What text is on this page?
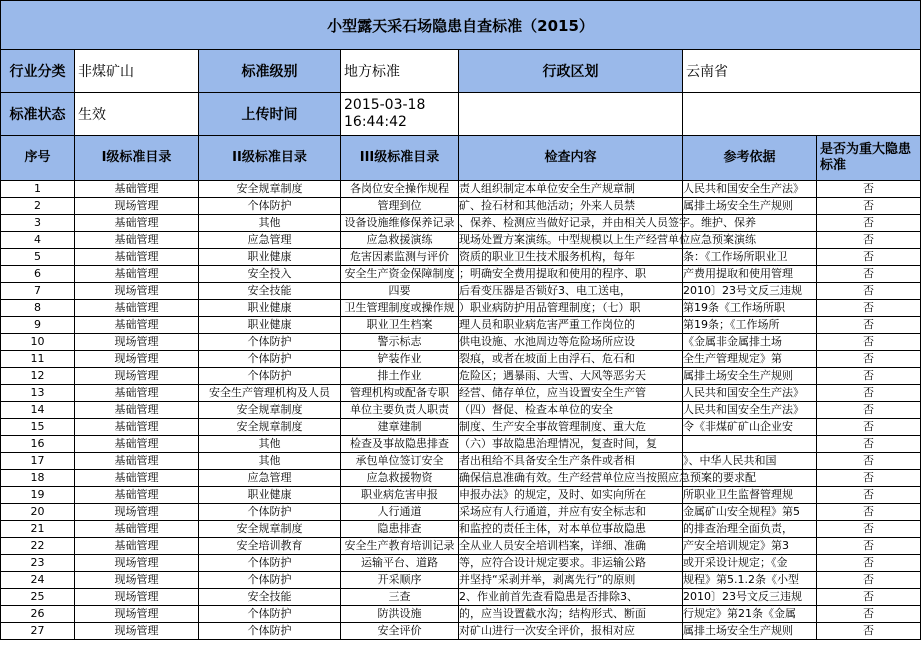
小型露天采石场隐患自查标准（2015）						
行业分类	非煤矿山	标准级别	地方标准	行政区划	云南省	
标准状态	生效	上传时间	2015-03-18 16:44:42			
序号	I级标准目录	II级标准目录	III级标准目录	检查内容	参考依据	是否为重大隐患标准
1	基础管理	安全规章制度	各岗位安全操作规程	责人组织制定本单位安全生产规章制	人民共和国安全生产法》	否
2	现场管理	个体防护	管理到位	矿、捡石材和其他活动；外来人员禁	属排土场安全生产规则	否
3	基础管理	其他	设备设施维修保养记录	、保养、检测应当做好记录，并由相关人员签字。维护、保养		否
4	基础管理	应急管理	应急救援演练	现场处置方案演练。中型规模以上生产经营单位应急预案演练		否
5	基础管理	职业健康	危害因素监测与评价	资质的职业卫生技术服务机构，每年	条：《工作场所职业卫	否
6	基础管理	安全投入	安全生产资金保障制度	；明确安全费用提取和使用的程序、职	产费用提取和使用管理	否
7	现场管理	安全技能	四要	后看变压器是否锁好3、电工送电，	2010〕23号文反三违规	否
8	基础管理	职业健康	卫生管理制度或操作规	）职业病防护用品管理制度；（七）职	第19条《工作场所职	否
9	基础管理	职业健康	职业卫生档案	理人员和职业病危害严重工作岗位的	第19条；《工作场所	否
10	现场管理	个体防护	警示标志	供电设施、水池周边等危险场所应设	《金属非金属排土场	否
11	现场管理	个体防护	铲装作业	裂痕，或者在坡面上由浮石、危石和	全生产管理规定》第	否
12	现场管理	个体防护	排土作业	危险区；遇暴雨、大雪、大风等恶劣天	属排土场安全生产规则	否
13	基础管理	安全生产管理机构及人员	管理机构或配备专职	经营、储存单位，应当设置安全生产管	人民共和国安全生产法》	否
14	基础管理	安全规章制度	单位主要负责人职责	（四）督促、检查本单位的安全	人民共和国安全生产法》	否
15	基础管理	安全规章制度	建章建制	制度、生产安全事故管理制度、重大危	令《非煤矿矿山企业安	否
16	基础管理	其他	检查及事故隐患排查	（六）事故隐患治理情况，复查时间，复		否
17	基础管理	其他	承包单位签订安全	者出租给不具备安全生产条件或者相	》、中华人民共和国	否
18	基础管理	应急管理	应急救援物资	确保信息准确有效。生产经营单位应当按照应急预案的要求配		否
19	基础管理	职业健康	职业病危害申报	申报办法》的规定，及时、如实向所在	所职业卫生监督管理规	否
20	现场管理	个体防护	人行通道	采场应有人行通道，并应有安全标志和	金属矿山安全规程》第5	否
21	基础管理	安全规章制度	隐患排查	和监控的责任主体，对本单位事故隐患	的排查治理全面负责，	否
22	基础管理	安全培训教育	安全生产教育培训记录	全从业人员安全培训档案，详细、准确	产安全培训规定》第3	否
23	现场管理	个体防护	运输平台、道路	等，应符合设计规定要求。非运输公路	或开采设计规定；《金	否
24	现场管理	个体防护	开采顺序	并坚持“采剥并举，剥离先行”的原则	规程》第5.1.2条《小型	否
25	现场管理	安全技能	三查	2、作业前首先查看隐患是否排除3、	2010〕23号文反三违规	否
26	现场管理	个体防护	防洪设施	的，应当设置截水沟；结构形式、断面	行规定》第21条《金属	否
27	现场管理	个体防护	安全评价	对矿山进行一次安全评价，报相对应	属排土场安全生产规则	否
